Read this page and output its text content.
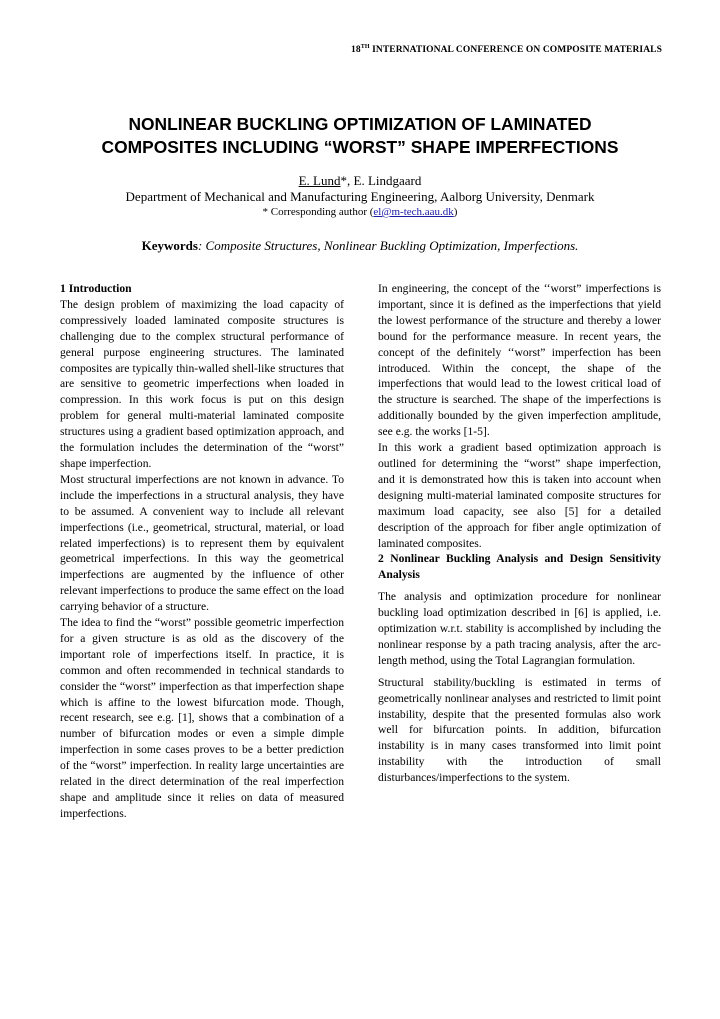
18TH INTERNATIONAL CONFERENCE ON COMPOSITE MATERIALS
NONLINEAR BUCKLING OPTIMIZATION OF LAMINATED
COMPOSITES INCLUDING “WORST” SHAPE IMPERFECTIONS
E. Lund*, E. Lindgaard
Department of Mechanical and Manufacturing Engineering, Aalborg University, Denmark
* Corresponding author (el@m-tech.aau.dk)
Keywords: Composite Structures, Nonlinear Buckling Optimization, Imperfections.

1 Introduction

The design problem of maximizing the load capacity of compressively loaded laminated composite structures is challenging due to the complex structural performance of general purpose engineering structures. The laminated composites are typically thin-walled shell-like structures that are sensitive to geometric imperfections when loaded in compression. In this work focus is put on this design problem for general multi-material laminated composite structures using a gradient based optimization approach, and the formulation includes the determination of the “worst” shape imperfection.

Most structural imperfections are not known in advance. To include the imperfections in a structural analysis, they have to be assumed. A convenient way to include all relevant imperfections (i.e., geometrical, structural, material, or load related imperfections) is to represent them by equivalent geometrical imperfections. In this way the geometrical imperfections are augmented by the influence of other relevant imperfections to produce the same effect on the load carrying behavior of a structure.

The idea to find the “worst” possible geometric imperfection for a given structure is as old as the discovery of the important role of imperfections itself. In practice, it is common and often recommended in technical standards to consider the “worst” imperfection as that imperfection shape which is affine to the lowest bifurcation mode. Though, recent research, see e.g. [1], shows that a combination of a number of bifurcation modes or even a simple dimple imperfection in some cases proves to be a better prediction of the “worst” imperfection. In reality large uncertainties are related in the direct determination of the real imperfection shape and amplitude since it relies on data of measured imperfections.

In engineering, the concept of the ‘‘worst” imperfections is important, since it is defined as the imperfections that yield the lowest performance of the structure and thereby a lower bound for the performance measure. In recent years, the concept of the definitely ‘‘worst” imperfection has been introduced. Within the concept, the shape of the imperfections that would lead to the lowest critical load of the structure is searched. The shape of the imperfections is additionally bounded by the given imperfection amplitude, see e.g. the works [1-5].

In this work a gradient based optimization approach is outlined for determining the “worst” shape imperfection, and it is demonstrated how this is taken into account when designing multi-material laminated composite structures for maximum load capacity, see also [5] for a detailed description of the approach for fiber angle optimization of laminated composites.

2 Nonlinear Buckling Analysis and Design Sensitivity Analysis

The analysis and optimization procedure for nonlinear buckling load optimization described in [6] is applied, i.e. optimization w.r.t. stability is accomplished by including the nonlinear response by a path tracing analysis, after the arc-length method, using the Total Lagrangian formulation.

Structural stability/buckling is estimated in terms of geometrically nonlinear analyses and restricted to limit point instability, despite that the presented formulas also work well for bifurcation points. In addition, bifurcation instability is in many cases transformed into limit point instability with the introduction of small disturbances/imperfections to the system.
